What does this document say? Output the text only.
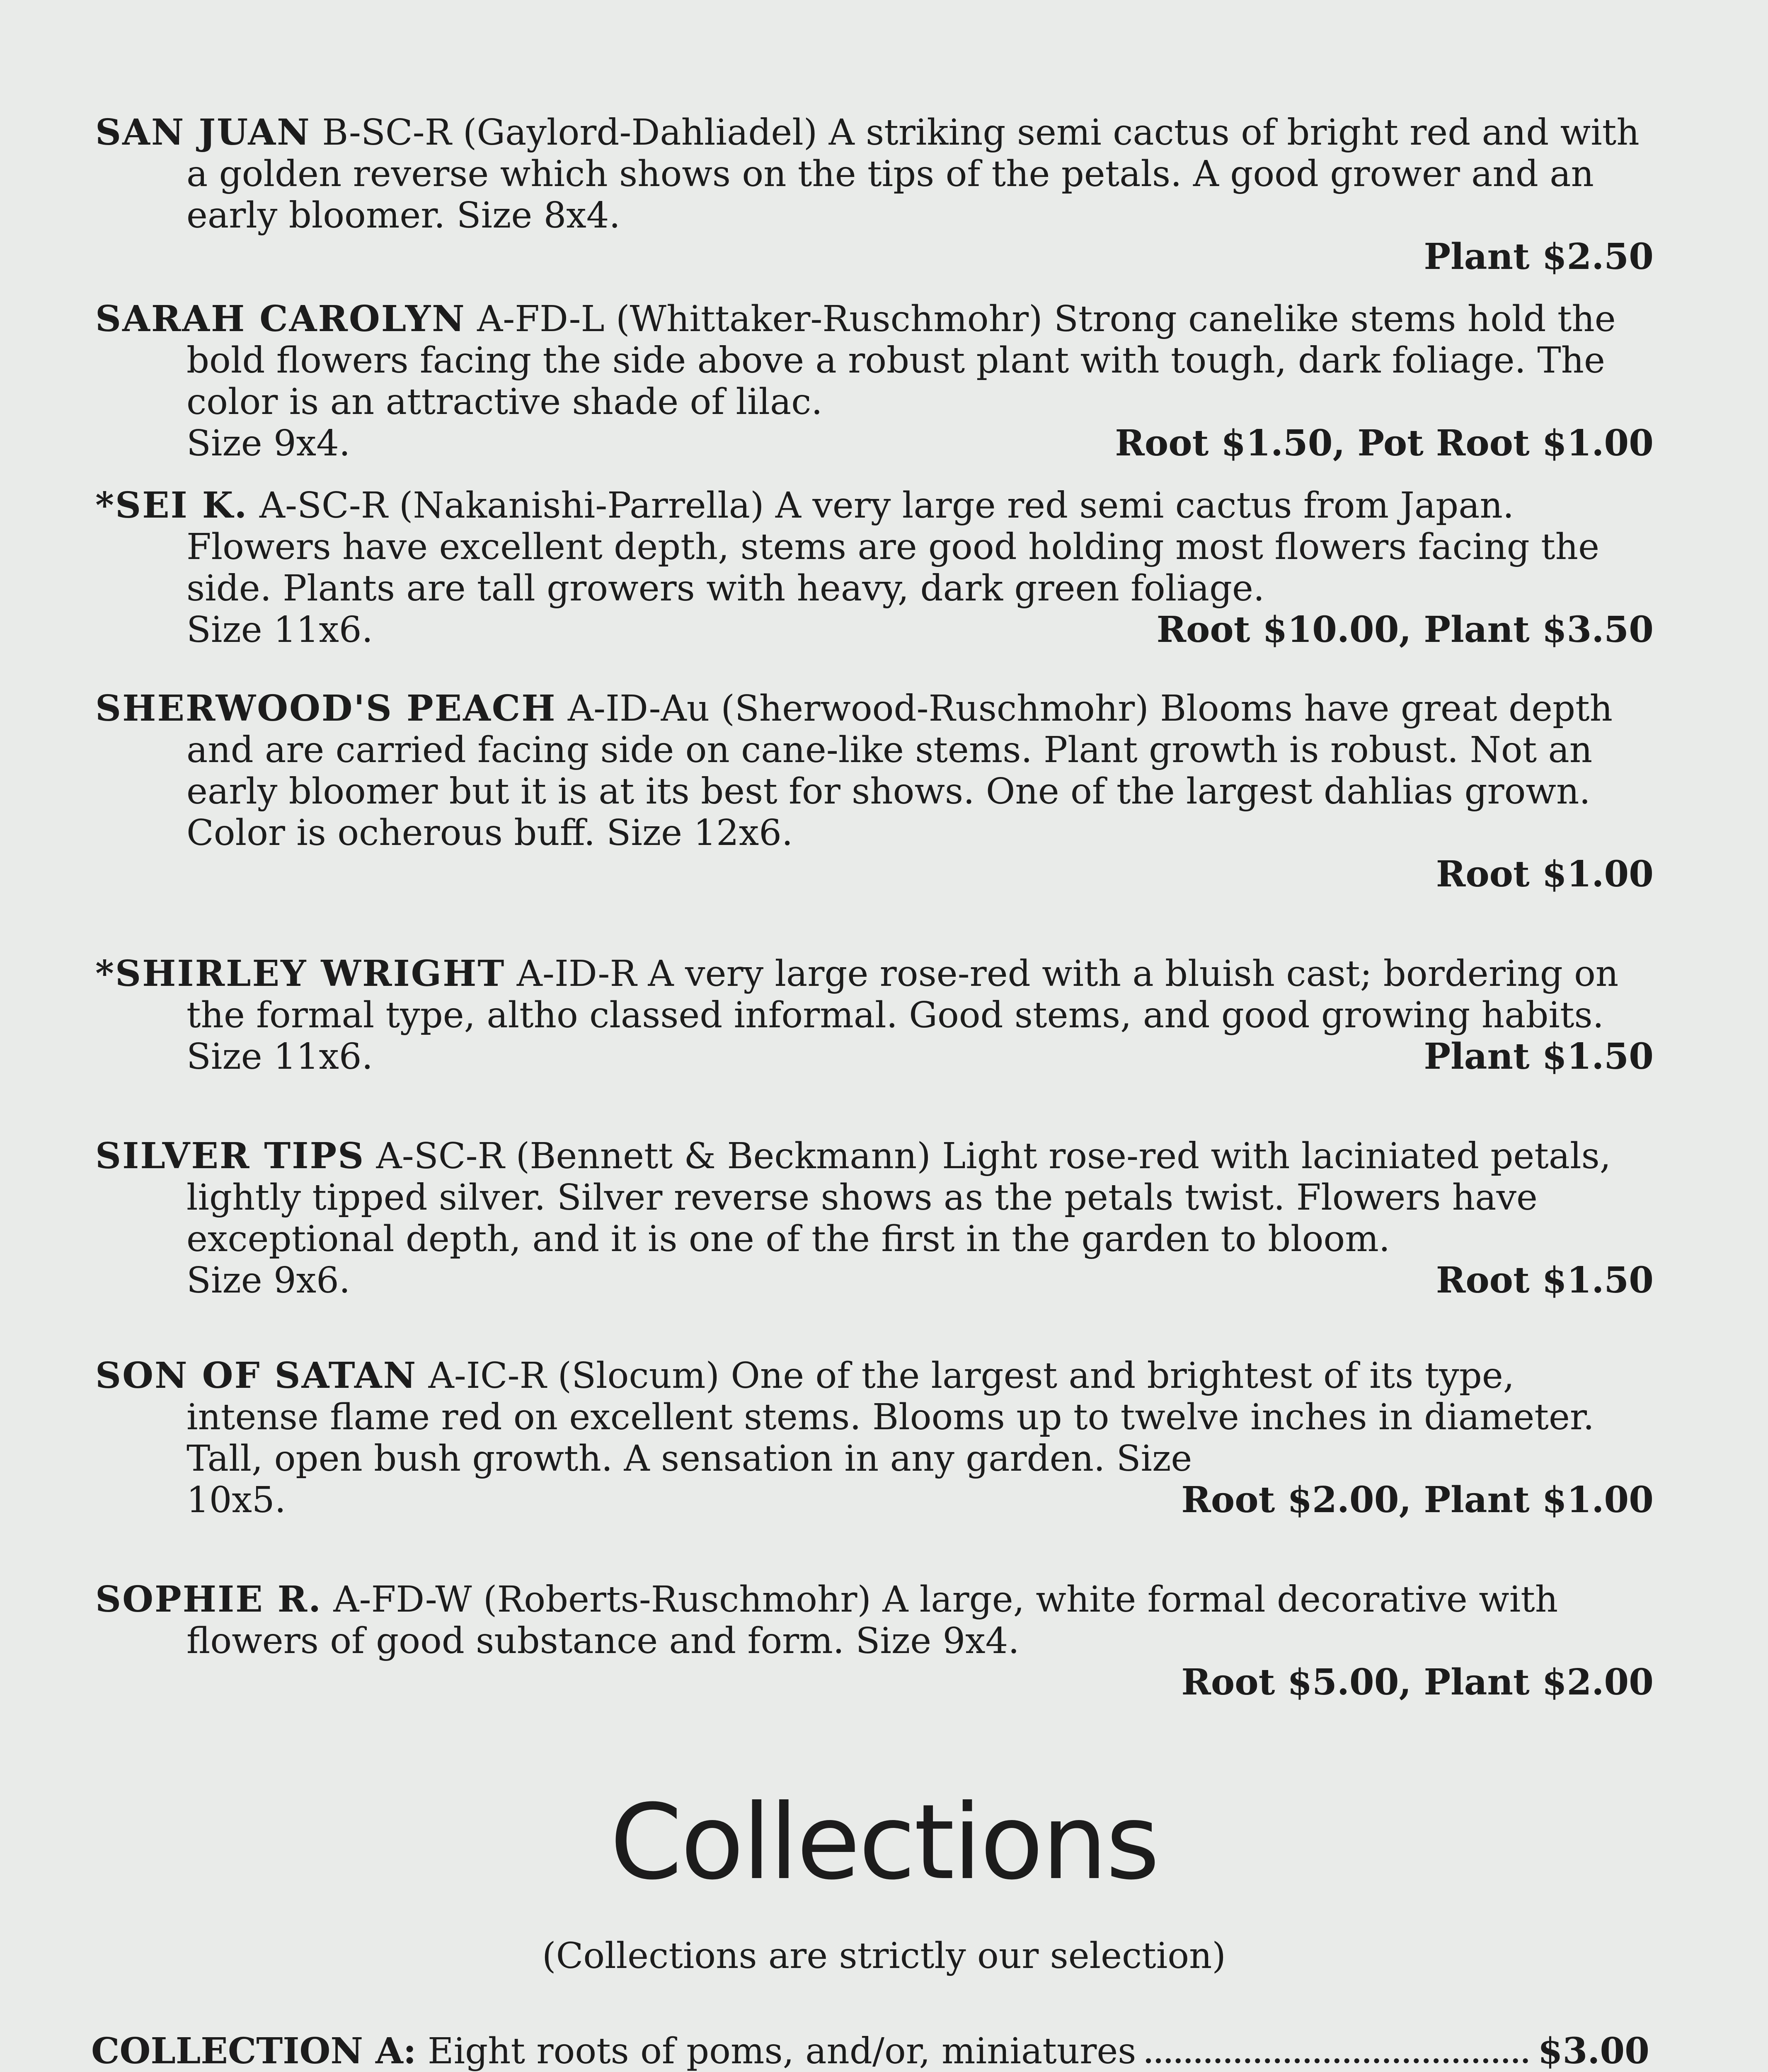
SAN JUAN B-SC-R (Gaylord-Dahliadel) A striking semi cactus of bright red and with a golden reverse which shows on the tips of the petals. A good grower and an early bloomer. Size 8x4.

Plant $2.50

SARAH CAROLYN A-FD-L (Whittaker-Ruschmohr) Strong canelike stems hold the bold flowers facing the side above a robust plant with tough, dark foliage. The color is an attractive shade of lilac.

Size 9x4.	Root $1.50, Pot Root $1.00

*SEI K. A-SC-R (Nakanishi-Parrella) A very large red semi cactus from Japan. Flowers have excellent depth, stems are good holding most flowers facing the side. Plants are tall growers with heavy, dark green foliage.

Size 11x6.	Root $10.00, Plant $3.50

SHERWOOD'S PEACH A-ID-Au (Sherwood-Ruschmohr) Blooms have great depth and are carried facing side on cane-like stems. Plant growth is robust. Not an early bloomer but it is at its best for shows. One of the largest dahlias grown. Color is ocherous buff. Size 12x6.

Root $1.00

*SHIRLEY WRIGHT A-ID-R A very large rose-red with a bluish cast; bordering on the formal type, altho classed informal. Good stems, and good growing habits.

Size 11x6.	Plant $1.50

SILVER TIPS A-SC-R (Bennett & Beckmann) Light rose-red with laciniated petals, lightly tipped silver. Silver reverse shows as the petals twist. Flowers have exceptional depth, and it is one of the first in the garden to bloom.

Size 9x6.	Root $1.50

SON OF SATAN A-IC-R (Slocum) One of the largest and brightest of its type, intense flame red on excellent stems. Blooms up to twelve inches in diameter. Tall, open bush growth. A sensation in any garden. Size

10x5.	Root $2.00, Plant $1.00

SOPHIE R. A-FD-W (Roberts-Ruschmohr) A large, white formal decorative with flowers of good substance and form. Size 9x4.

Root $5.00, Plant $2.00
Collections
(Collections are strictly our selection)
COLLECTION A: Eight roots of poms, and/or, miniatures	$3.00
